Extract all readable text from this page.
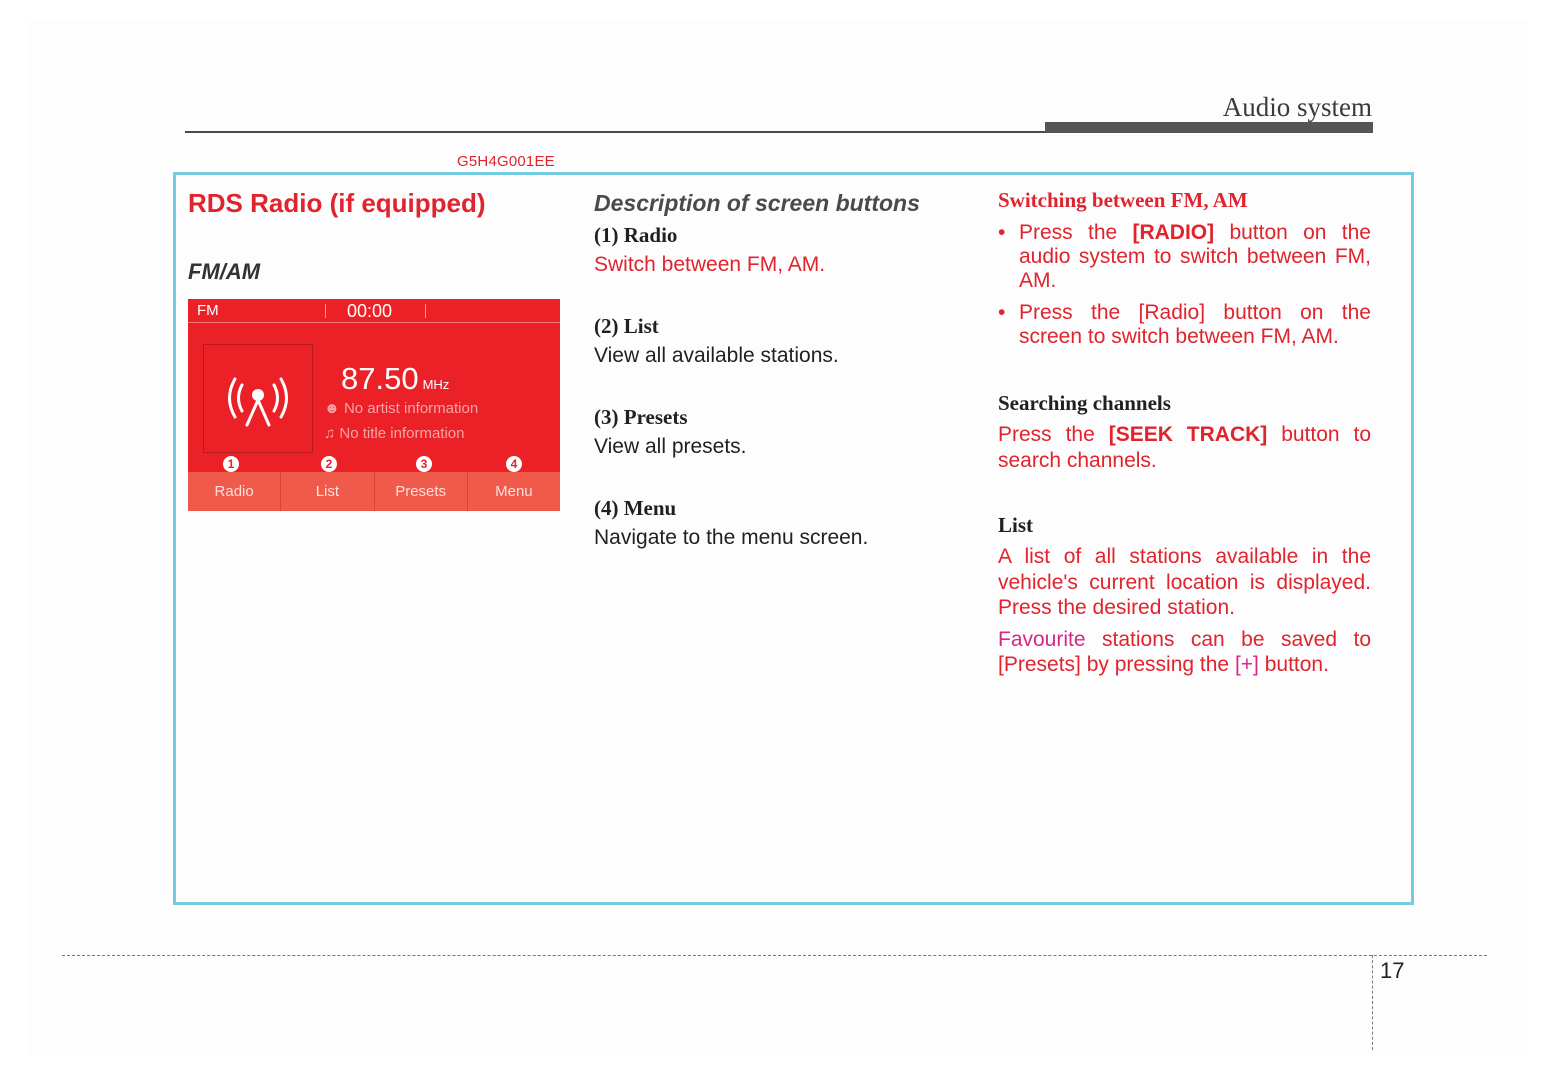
Audio system
G5H4G001EE
RDS Radio (if equipped)
FM/AM
FM	00:00
87.50 MHz
☻ No artist information
♫ No title information
1	2	3	4
Radio	List	Presets	Menu
Description of screen buttons

(1) Radio

Switch between FM, AM.

(2) List

View all available stations.

(3) Presets

View all presets.

(4) Menu

Navigate to the menu screen.

Switching between FM, AM

• Press the [RADIO] button on the audio system to switch between FM, AM.
• Press the [Radio] button on the screen to switch between FM, AM.

Searching channels

Press the [SEEK TRACK] button to search channels.

List

A list of all stations available in the vehicle's current location is displayed. Press the desired station.

Favourite stations can be saved to [Presets] by pressing the [+] button.

17
